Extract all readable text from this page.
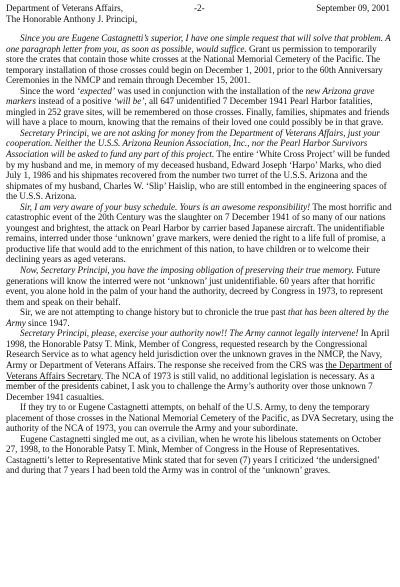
Department of Veterans Affairs,
The Honorable Anthony J. Principi,
-2-	September 09, 2001

Since you are Eugene Castagnetti’s superior, I have one simple request that will solve that problem. A one paragraph letter from you, as soon as possible, would suffice. Grant us permission to temporarily store the crates that contain those white crosses at the National Memorial Cemetery of the Pacific. The temporary installation of those crosses could begin on December 1, 2001, prior to the 60th Anniversary Ceremonies in the NMCP and remain through December 15, 2001.

Since the word ‘expected’ was used in conjunction with the installation of the new Arizona grave markers instead of a positive ‘will be’, all 647 unidentified 7 December 1941 Pearl Harbor fatalities, mingled in 252 grave sites, will be remembered on those crosses. Finally, families, shipmates and friends will have a place to mourn, knowing that the remains of their loved one could possibly be in that grave.

Secretary Principi, we are not asking for money from the Department of Veterans Affairs, just your cooperation. Neither the U.S.S. Arizona Reunion Association, Inc., nor the Pearl Harbor Survivors Association will be asked to fund any part of this project. The entire ‘White Cross Project’ will be funded by my husband and me, in memory of my deceased husband, Edward Joseph ‘Harpo’ Marks, who died July 1, 1986 and his shipmates recovered from the number two turret of the U.S.S. Arizona and the shipmates of my husband, Charles W. ‘Slip’ Haislip, who are still entombed in the engineering spaces of the U.S.S. Arizona.

Sir, I am very aware of your busy schedule. Yours is an awesome responsibility! The most horrific and catastrophic event of the 20th Century was the slaughter on 7 December 1941 of so many of our nations youngest and brightest, the attack on Pearl Harbor by carrier based Japanese aircraft. The unidentifiable remains, interred under those ‘unknown’ grave markers, were denied the right to a life full of promise, a productive life that would add to the enrichment of this nation, to have children or to welcome their declining years as aged veterans.

Now, Secretary Principi, you have the imposing obligation of preserving their true memory. Future generations will know the interred were not ‘unknown’ just unidentifiable. 60 years after that horrific event, you alone hold in the palm of your hand the authority, decreed by Congress in 1973, to represent them and speak on their behalf.

Sir, we are not attempting to change history but to chronicle the true past that has been altered by the Army since 1947.

Secretary Principi, please, exercise your authority now!! The Army cannot legally intervene! In April 1998, the Honorable Patsy T. Mink, Member of Congress, requested research by the Congressional Research Service as to what agency held jurisdiction over the unknown graves in the NMCP, the Navy, Army or Department of Veterans Affairs. The response she received from the CRS was the Department of Veterans Affairs Secretary. The NCA of 1973 is still valid, no additional legislation is necessary. As a member of the presidents cabinet, I ask you to challenge the Army’s authority over those unknown 7 December 1941 casualties.

If they try to or Eugene Castagnetti attempts, on behalf of the U.S. Army, to deny the temporary placement of those crosses in the National Memorial Cemetery of the Pacific, as DVA Secretary, using the authority of the NCA of 1973, you can overrule the Army and your subordinate.

Eugene Castagnetti singled me out, as a civilian, when he wrote his libelous statements on October 27, 1998, to the Honorable Patsy T. Mink, Member of Congress in the House of Representatives. Castagnetti’s letter to Representative Mink stated that for seven (7) years I criticized ‘the undersigned’ and during that 7 years I had been told the Army was in control of the ‘unknown’ graves.
